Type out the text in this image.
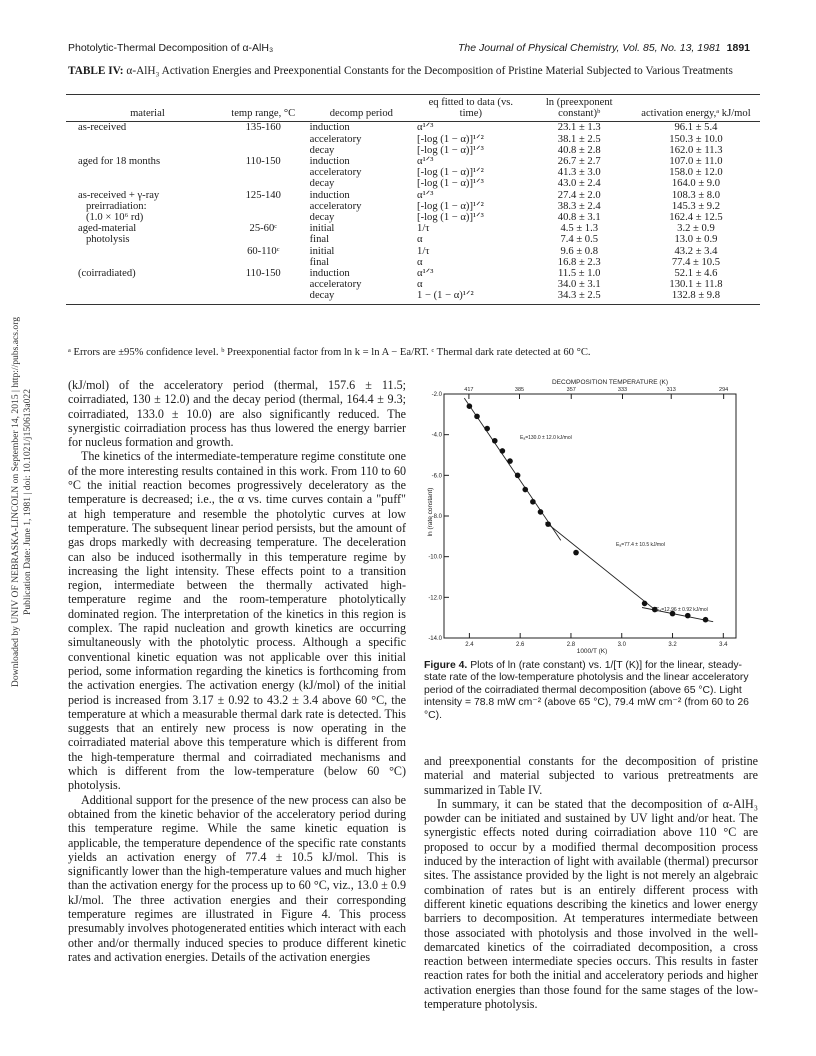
Photolytic-Thermal Decomposition of α-AlH₃	The Journal of Physical Chemistry, Vol. 85, No. 13, 1981 1891
TABLE IV: α-AlH₃ Activation Energies and Preexponential Constants for the Decomposition of Pristine Material Subjected to Various Treatments
material	temp range, °C	decomp period	eq fitted to data (vs. time)	ln (preexponent constant)ᵇ	activation energy,ᵃ kJ/mol
as-received	135-160	induction	α¹ᐟ³	23.1 ± 1.3	96.1 ± 5.4
		acceleratory	[-log (1 − α)]¹ᐟ²	38.1 ± 2.5	150.3 ± 10.0
		decay	[-log (1 − α)]¹ᐟ³	40.8 ± 2.8	162.0 ± 11.3
aged for 18 months	110-150	induction	α¹ᐟ³	26.7 ± 2.7	107.0 ± 11.0
		acceleratory	[-log (1 − α)]¹ᐟ²	41.3 ± 3.0	158.0 ± 12.0
		decay	[-log (1 − α)]¹ᐟ³	43.0 ± 2.4	164.0 ± 9.0
as-received + γ-ray	125-140	induction	α¹ᐟ³	27.4 ± 2.0	108.3 ± 8.0
preirradiation:		acceleratory	[-log (1 − α)]¹ᐟ²	38.3 ± 2.4	145.3 ± 9.2
(1.0 × 10⁶ rd)		decay	[-log (1 − α)]¹ᐟ³	40.8 ± 3.1	162.4 ± 12.5
aged-material	25-60ᶜ	initial	1/τ	4.5 ± 1.3	3.2 ± 0.9
photolysis		final	α	7.4 ± 0.5	13.0 ± 0.9
	60-110ᶜ	initial	1/τ	9.6 ± 0.8	43.2 ± 3.4
		final	α	16.8 ± 2.3	77.4 ± 10.5
(coirradiated)	110-150	induction	α¹ᐟ³	11.5 ± 1.0	52.1 ± 4.6
		acceleratory	α	34.0 ± 3.1	130.1 ± 11.8
		decay	1 − (1 − α)¹ᐟ²	34.3 ± 2.5	132.8 ± 9.8
ᵃ Errors are ±95% confidence level. ᵇ Preexponential factor from ln k = ln A − Ea/RT. ᶜ Thermal dark rate detected at 60 °C.
Downloaded by UNIV OF NEBRASKA-LINCOLN on September 14, 2015 | http://pubs.acs.org Publication Date: June 1, 1981 | doi: 10.1021/j150613a022

(kJ/mol) of the acceleratory period (thermal, 157.6 ± 11.5; coirradiated, 130 ± 12.0) and the decay period (thermal, 164.4 ± 9.3; coirradiated, 133.0 ± 10.0) are also significantly reduced. The synergistic coirradiation process has thus lowered the energy barrier for nucleus formation and growth.

The kinetics of the intermediate-temperature regime constitute one of the more interesting results contained in this work. From 110 to 60 °C the initial reaction becomes progressively deceleratory as the temperature is decreased; i.e., the α vs. time curves contain a "puff" at high temperature and resemble the photolytic curves at low temperature. The subsequent linear period persists, but the amount of gas drops markedly with decreasing temperature. The deceleration can also be induced isothermally in this temperature regime by increasing the light intensity. These effects point to a transition region, intermediate between the thermally activated high-temperature regime and the room-temperature photolytically dominated region. The interpretation of the kinetics in this region is complex. The rapid nucleation and growth kinetics are occurring simultaneously with the photolytic process. Although a specific conventional kinetic equation was not applicable over this initial period, some information regarding the kinetics is forthcoming from the activation energies. The activation energy (kJ/mol) of the initial period is increased from 3.17 ± 0.92 to 43.2 ± 3.4 above 60 °C, the temperature at which a measurable thermal dark rate is detected. This suggests that an entirely new process is now operating in the coirradiated material above this temperature which is different from the high-temperature thermal and coirradiated mechanisms and which is different from the low-temperature (below 60 °C) photolysis.

Additional support for the presence of the new process can also be obtained from the kinetic behavior of the acceleratory period during this temperature regime. While the same kinetic equation is applicable, the temperature dependence of the specific rate constants yields an activation energy of 77.4 ± 10.5 kJ/mol. This is significantly lower than the high-temperature values and much higher than the activation energy for the process up to 60 °C, viz., 13.0 ± 0.9 kJ/mol. The three activation energies and their corresponding temperature regimes are illustrated in Figure 4. This process presumably involves photogenerated entities which interact with each other and/or thermally induced species to produce different kinetic rates and activation energies. Details of the activation energies

DECOMPOSITION TEMPERATURE (K)
417	385	357	333	313	294
2.4	2.6	2.8	3.0	3.2	3.4
-2.0
-4.0
-6.0
-8.0
-10.0
-12.0
-14.0
ln (rate constant)
1000/T (K)
Eₐ=130.0 ± 12.0 kJ/mol
Eₐ=77.4 ± 10.5 kJ/mol
Eₐ=12.96 ± 0.92 kJ/mol
Figure 4. Plots of ln (rate constant) vs. 1/[T (K)] for the linear, steady-state rate of the low-temperature photolysis and the linear acceleratory period of the coirradiated thermal decomposition (above 65 °C). Light intensity = 78.8 mW cm⁻² (above 65 °C), 79.4 mW cm⁻² (from 60 to 26 °C).

and preexponential constants for the decomposition of pristine material and material subjected to various pretreatments are summarized in Table IV.

In summary, it can be stated that the decomposition of α-AlH₃ powder can be initiated and sustained by UV light and/or heat. The synergistic effects noted during coirradiation above 110 °C are proposed to occur by a modified thermal decomposition process induced by the interaction of light with available (thermal) precursor sites. The assistance provided by the light is not merely an algebraic combination of rates but is an entirely different process with different kinetic equations describing the kinetics and lower energy barriers to decomposition. At temperatures intermediate between those associated with photolysis and those involved in the well-demarcated kinetics of the coirradiated decomposition, a cross reaction between intermediate species occurs. This results in faster reaction rates for both the initial and acceleratory periods and higher activation energies than those found for the same stages of the low-temperature photolysis.
